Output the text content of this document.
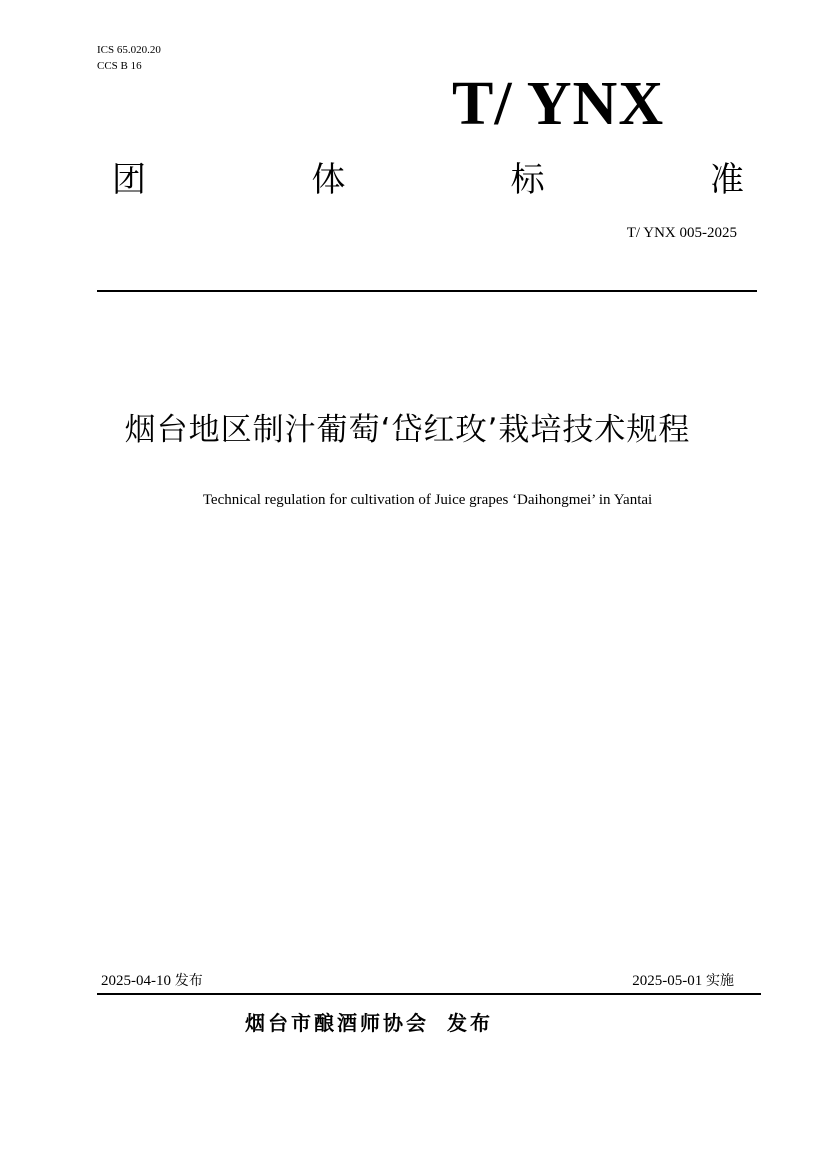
ICS 65.020.20
CCS B 16
T/ YNX
团	体	标	准
T/ YNX 005-2025
烟台地区制汁葡萄‘岱红玫’栽培技术规程
Technical regulation for cultivation of Juice grapes ‘Daihongmei’ in Yantai
2025-04-10 发布	2025-05-01 实施
烟台市酿酒师协会 发布
